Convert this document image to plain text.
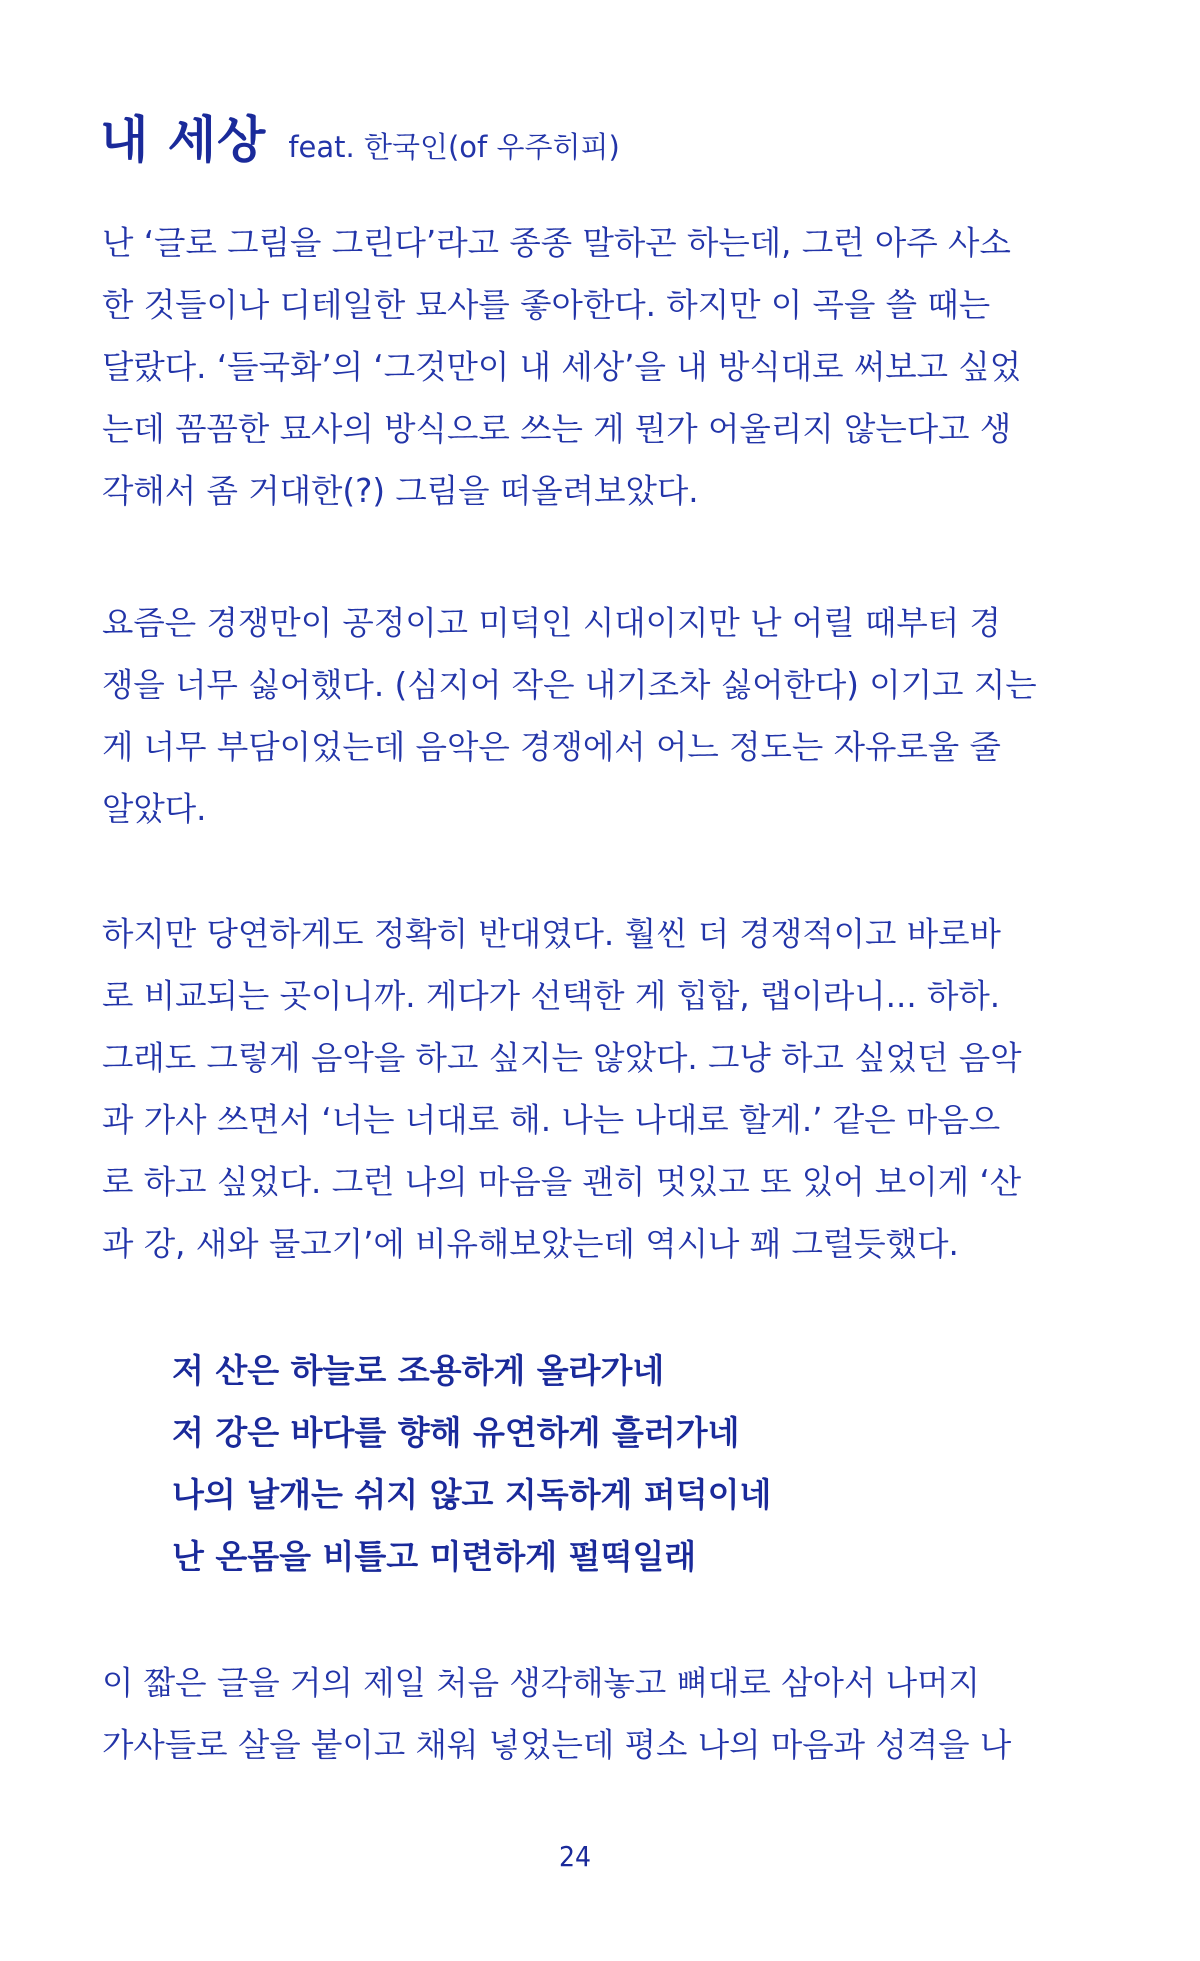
내 세상 feat. 한국인(of 우주히피)
난 ‘글로 그림을 그린다’라고 종종 말하곤 하는데, 그런 아주 사소
한 것들이나 디테일한 묘사를 좋아한다. 하지만 이 곡을 쓸 때는
달랐다. ‘들국화’의 ‘그것만이 내 세상’을 내 방식대로 써보고 싶었
는데 꼼꼼한 묘사의 방식으로 쓰는 게 뭔가 어울리지 않는다고 생
각해서 좀 거대한(?) 그림을 떠올려보았다.
요즘은 경쟁만이 공정이고 미덕인 시대이지만 난 어릴 때부터 경
쟁을 너무 싫어했다. (심지어 작은 내기조차 싫어한다) 이기고 지는
게 너무 부담이었는데 음악은 경쟁에서 어느 정도는 자유로울 줄
알았다.
하지만 당연하게도 정확히 반대였다. 훨씬 더 경쟁적이고 바로바
로 비교되는 곳이니까. 게다가 선택한 게 힙합, 랩이라니... 하하.
그래도 그렇게 음악을 하고 싶지는 않았다. 그냥 하고 싶었던 음악
과 가사 쓰면서 ‘너는 너대로 해. 나는 나대로 할게.’ 같은 마음으
로 하고 싶었다. 그런 나의 마음을 괜히 멋있고 또 있어 보이게 ‘산
과 강, 새와 물고기’에 비유해보았는데 역시나 꽤 그럴듯했다.
저 산은 하늘로 조용하게 올라가네
저 강은 바다를 향해 유연하게 흘러가네
나의 날개는 쉬지 않고 지독하게 퍼덕이네
난 온몸을 비틀고 미련하게 펄떡일래
이 짧은 글을 거의 제일 처음 생각해놓고 뼈대로 삼아서 나머지
가사들로 살을 붙이고 채워 넣었는데 평소 나의 마음과 성격을 나
24
